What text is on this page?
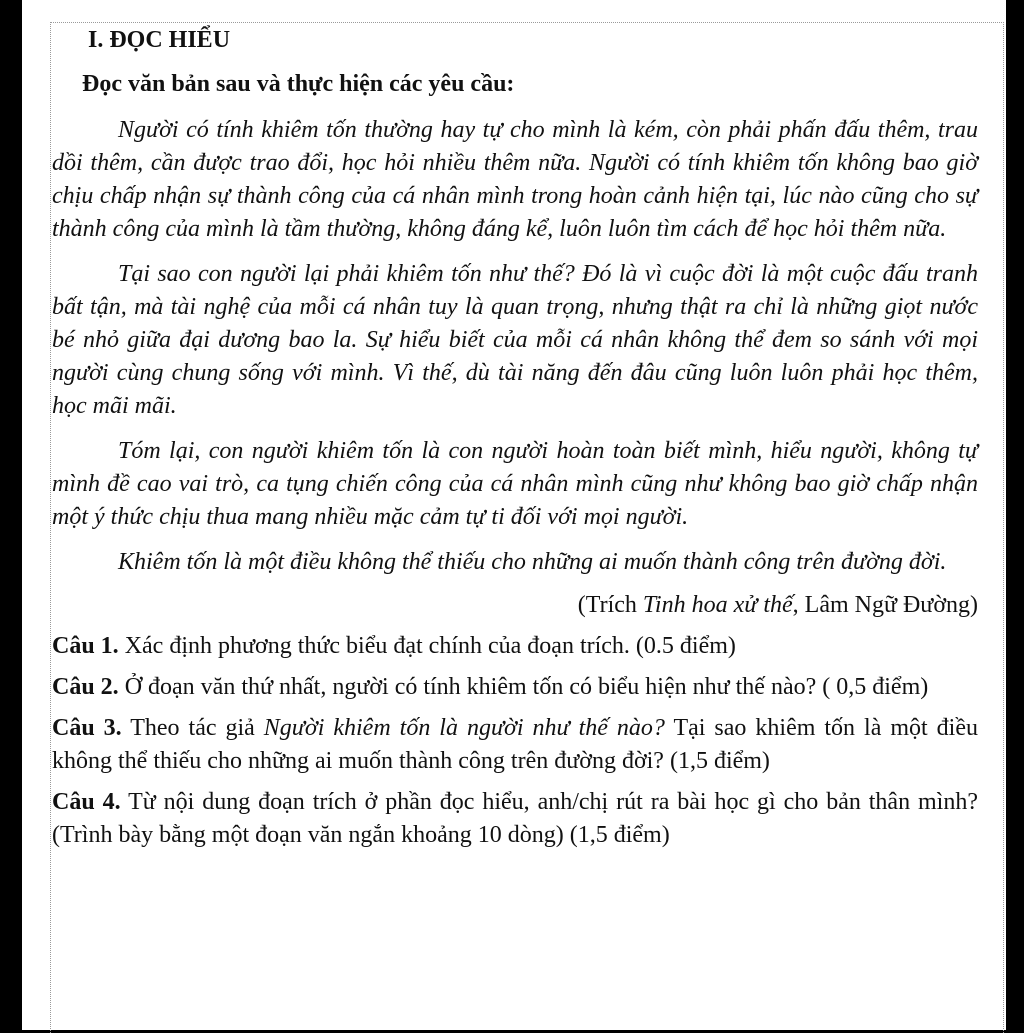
I. ĐỌC HIỂU
Đọc văn bản sau và thực hiện các yêu cầu:

Người có tính khiêm tốn thường hay tự cho mình là kém, còn phải phấn đấu thêm, trau dồi thêm, cần được trao đổi, học hỏi nhiều thêm nữa. Người có tính khiêm tốn không bao giờ chịu chấp nhận sự thành công của cá nhân mình trong hoàn cảnh hiện tại, lúc nào cũng cho sự thành công của mình là tầm thường, không đáng kể, luôn luôn tìm cách để học hỏi thêm nữa.

Tại sao con người lại phải khiêm tốn như thế? Đó là vì cuộc đời là một cuộc đấu tranh bất tận, mà tài nghệ của mỗi cá nhân tuy là quan trọng, nhưng thật ra chỉ là những giọt nước bé nhỏ giữa đại dương bao la. Sự hiểu biết của mỗi cá nhân không thể đem so sánh với mọi người cùng chung sống với mình. Vì thế, dù tài năng đến đâu cũng luôn luôn phải học thêm, học mãi mãi.

Tóm lại, con người khiêm tốn là con người hoàn toàn biết mình, hiểu người, không tự mình đề cao vai trò, ca tụng chiến công của cá nhân mình cũng như không bao giờ chấp nhận một ý thức chịu thua mang nhiều mặc cảm tự ti đối với mọi người.

Khiêm tốn là một điều không thể thiếu cho những ai muốn thành công trên đường đời.

(Trích Tinh hoa xử thế, Lâm Ngữ Đường)

Câu 1. Xác định phương thức biểu đạt chính của đoạn trích. (0.5 điểm)

Câu 2. Ở đoạn văn thứ nhất, người có tính khiêm tốn có biểu hiện như thế nào? ( 0,5 điểm)

Câu 3. Theo tác giả Người khiêm tốn là người như thế nào? Tại sao khiêm tốn là một điều không thể thiếu cho những ai muốn thành công trên đường đời? (1,5 điểm)

Câu 4. Từ nội dung đoạn trích ở phần đọc hiểu, anh/chị rút ra bài học gì cho bản thân mình? (Trình bày bằng một đoạn văn ngắn khoảng 10 dòng) (1,5 điểm)
